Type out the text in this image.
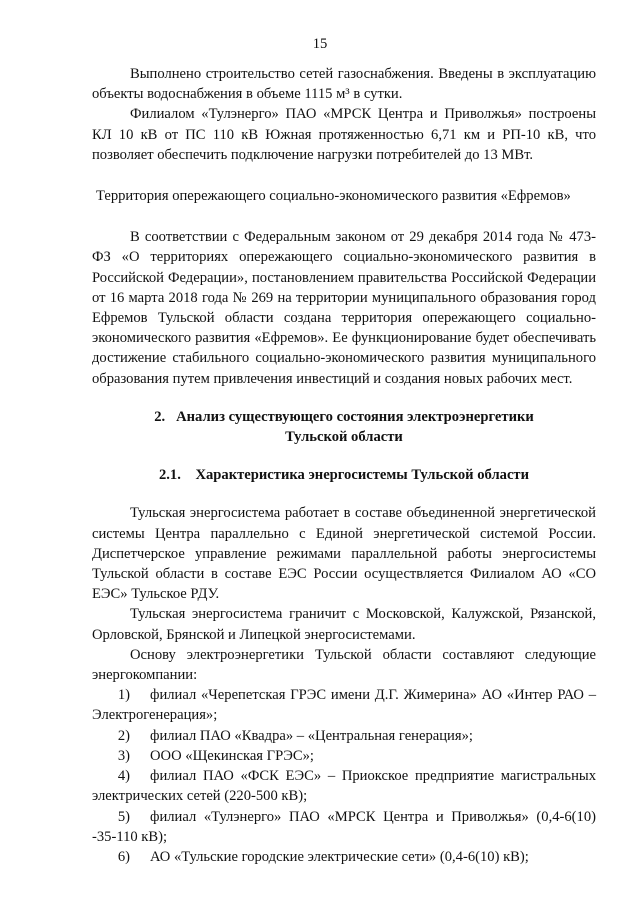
15

Выполнено строительство сетей газоснабжения. Введены в эксплуатацию объекты водоснабжения в объеме 1115 м³ в сутки.

Филиалом «Тулэнерго» ПАО «МРСК Центра и Приволжья» построены КЛ 10 кВ от ПС 110 кВ Южная протяженностью 6,71 км и РП-10 кВ, что позволяет обеспечить подключение нагрузки потребителей до 13 МВт.

Территория опережающего социально-экономического развития «Ефремов»

В соответствии с Федеральным законом от 29 декабря 2014 года № 473-ФЗ «О территориях опережающего социально-экономического развития в Российской Федерации», постановлением правительства Российской Федерации от 16 марта 2018 года № 269 на территории муниципального образования город Ефремов Тульской области создана территория опережающего социально-экономического развития «Ефремов». Ее функционирование будет обеспечивать достижение стабильного социально-экономического развития муниципального образования путем привлечения инвестиций и создания новых рабочих мест.

2.   Анализ существующего состояния электроэнергетики

Тульской области

2.1.    Характеристика энергосистемы Тульской области

Тульская энергосистема работает в составе объединенной энергетической системы Центра параллельно с Единой энергетической системой России. Диспетчерское управление режимами параллельной работы энергосистемы Тульской области в составе ЕЭС России осуществляется Филиалом АО «СО ЕЭС» Тульское РДУ.

Тульская энергосистема граничит с Московской, Калужской, Рязанской, Орловской, Брянской и Липецкой энергосистемами.

Основу электроэнергетики Тульской области составляют следующие энергокомпании:

1) филиал «Черепетская ГРЭС имени Д.Г. Жимерина» АО «Интер РАО – Электрогенерация»;

2) филиал ПАО «Квадра» – «Центральная генерация»;

3) ООО «Щекинская ГРЭС»;

4) филиал ПАО «ФСК ЕЭС» – Приокское предприятие магистральных электрических сетей (220-500 кВ);

5) филиал «Тулэнерго» ПАО «МРСК Центра и Приволжья» (0,4-6(10) -35-110 кВ);

6) АО «Тульские городские электрические сети» (0,4-6(10) кВ);
